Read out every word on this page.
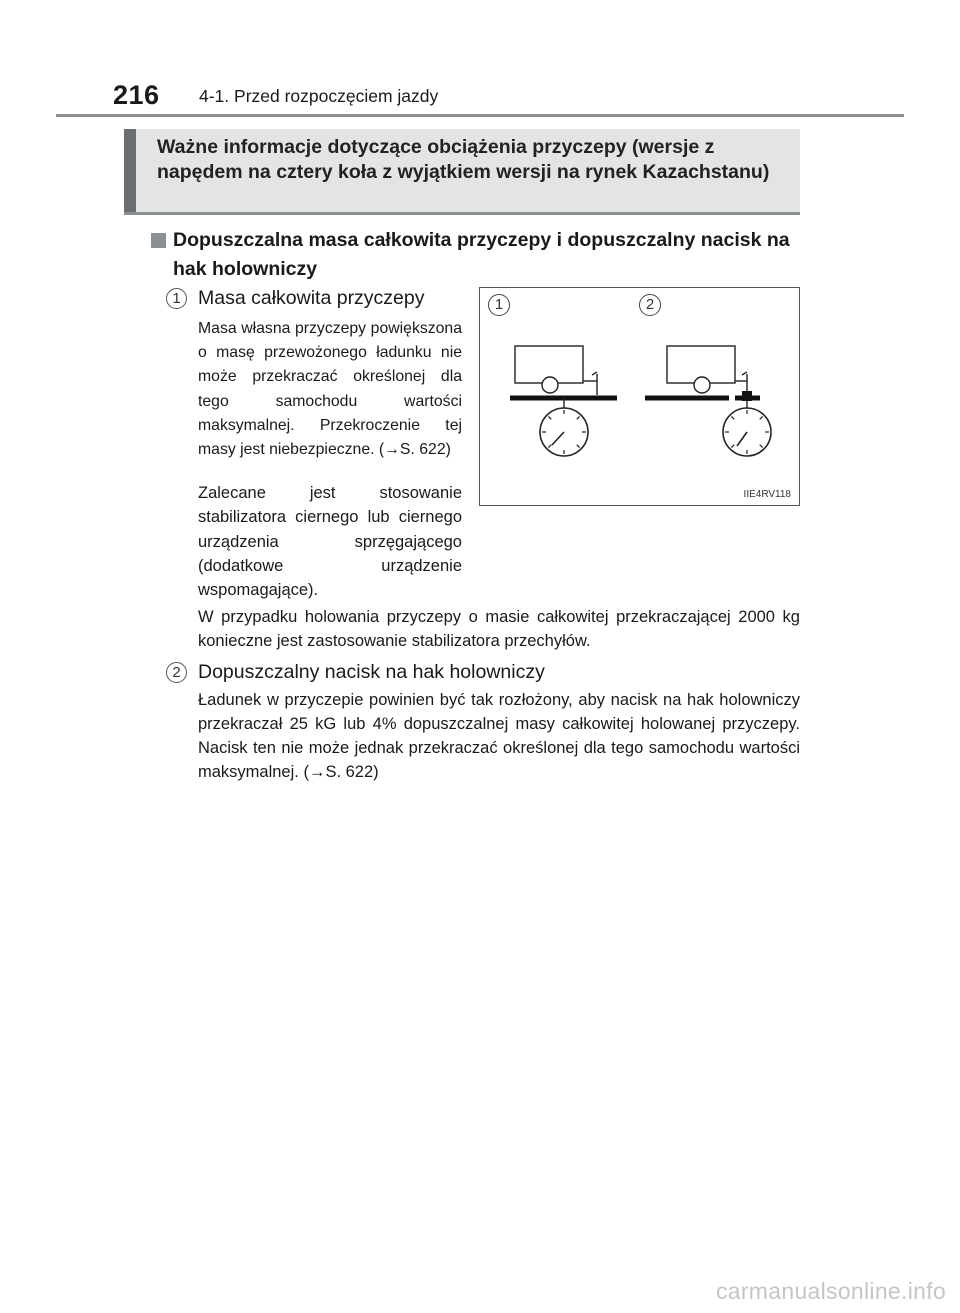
216 4-1. Przed rozpoczęciem jazdy
Ważne informacje dotyczące obciążenia przyczepy (wersje z napędem na cztery koła z wyjątkiem wersji na rynek Kazachstanu)
Dopuszczalna masa całkowita przyczepy i dopuszczalny nacisk na hak holowniczy
1 Masa całkowita przyczepy
Masa własna przyczepy powiększona o masę przewożonego ładunku nie może przekraczać określonej dla tego samochodu wartości maksymalnej. Przekroczenie tej masy jest niebezpieczne. (→S. 622)
Zalecane jest stosowanie stabilizatora ciernego lub ciernego urządzenia sprzęgającego (dodatkowe urządzenie wspomagające).
W przypadku holowania przyczepy o masie całkowitej przekraczającej 2000 kg konieczne jest zastosowanie stabilizatora przechyłów.
1	2
IIE4RV118
2 Dopuszczalny nacisk na hak holowniczy
Ładunek w przyczepie powinien być tak rozłożony, aby nacisk na hak holowniczy przekraczał 25 kG lub 4% dopuszczalnej masy całkowitej holowanej przyczepy. Nacisk ten nie może jednak przekraczać określonej dla tego samochodu wartości maksymalnej. (→S. 622)
carmanualsonline.info
